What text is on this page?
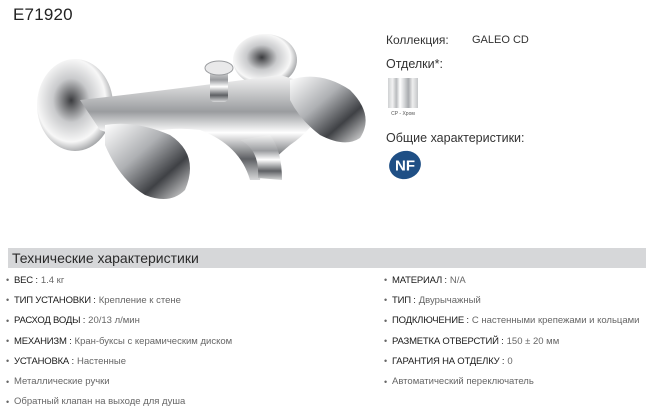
E71920
Коллекция:	GALEO CD
Отделки*:
CP - Хром
Общие характеристики:
NF
Технические характеристики
• ВЕС : 1.4 кг
• ТИП УСТАНОВКИ : Крепление к стене
• РАСХОД ВОДЫ : 20/13 л/мин
• МЕХАНИЗМ : Кран-буксы с керамическим диском
• УСТАНОВКА : Настенные
• Металлические ручки
• Обратный клапан на выходе для душа
• МАТЕРИАЛ : N/A
• ТИП : Двурычажный
• ПОДКЛЮЧЕНИЕ : С настенными крепежами и кольцами
• РАЗМЕТКА ОТВЕРСТИЙ : 150 ± 20 мм
• ГАРАНТИЯ НА ОТДЕЛКУ : 0
• Автоматический переключатель
